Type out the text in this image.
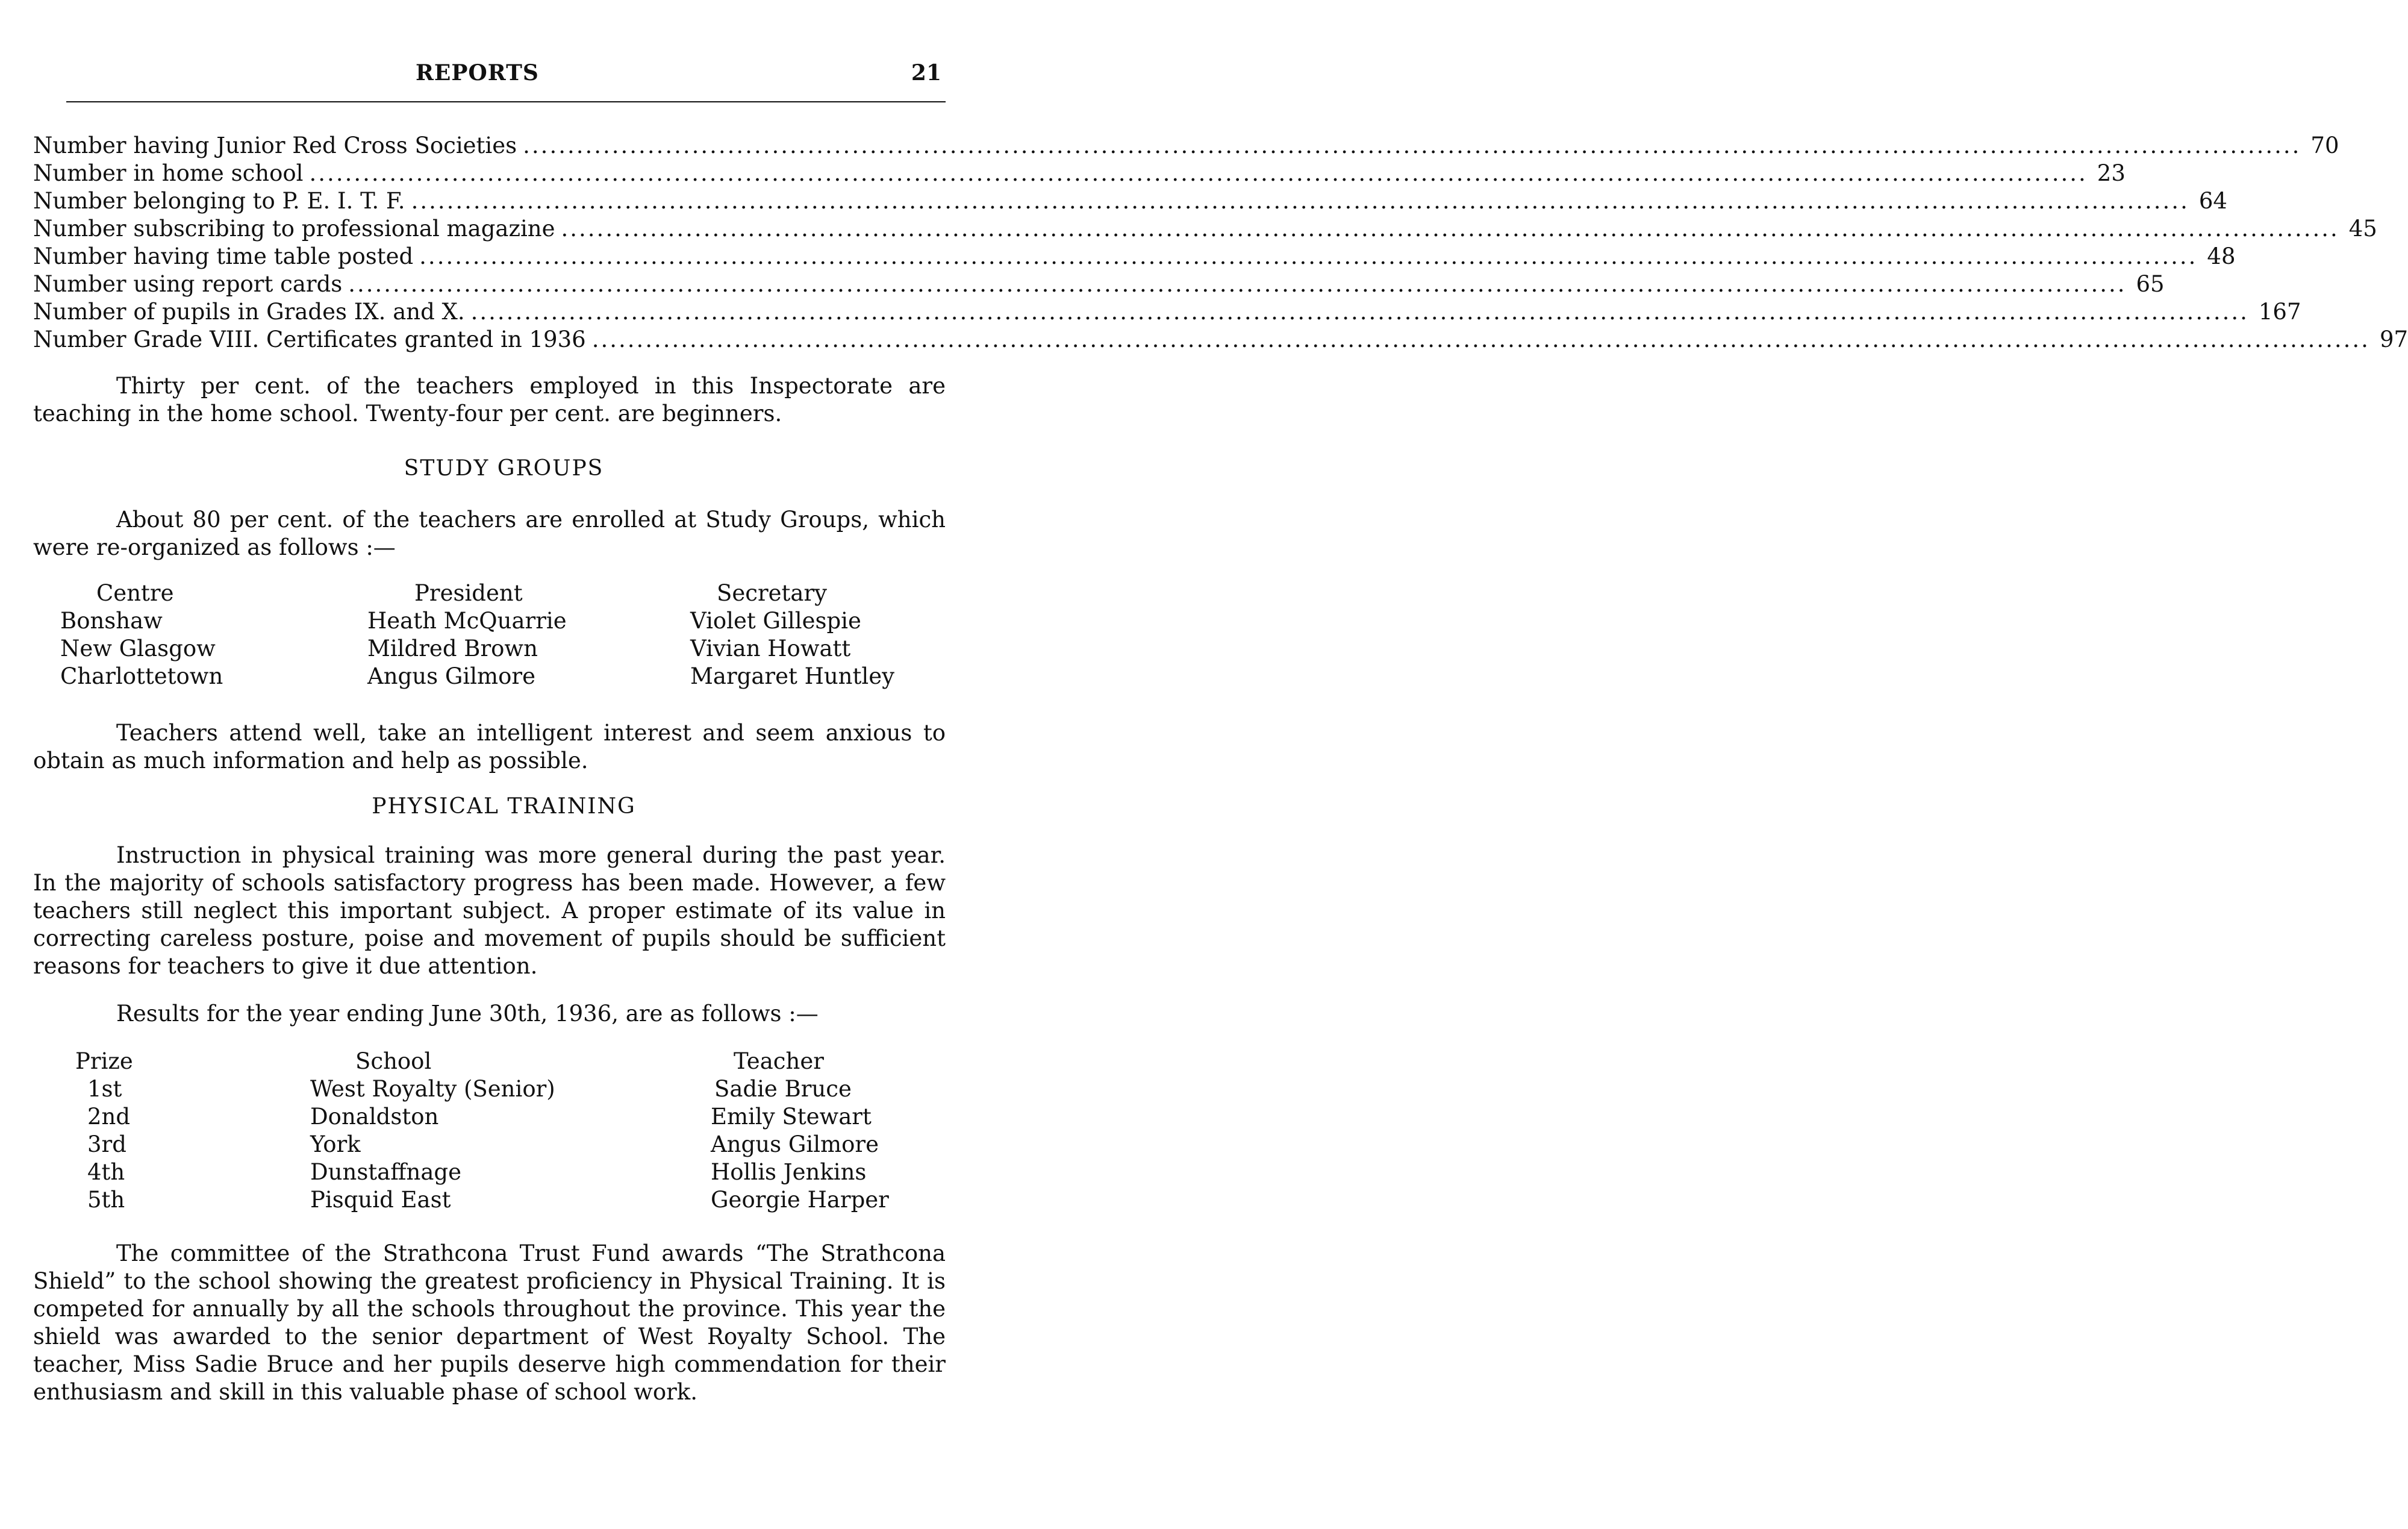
REPORTS	21
Number having Junior Red Cross Societies ........................................................................................................................................................................................................ 70
Number in home school ........................................................................................................................................................................................................ 23
Number belonging to P. E. I. T. F. ........................................................................................................................................................................................................ 64
Number subscribing to professional magazine ........................................................................................................................................................................................................ 45
Number having time table posted ........................................................................................................................................................................................................ 48
Number using report cards ........................................................................................................................................................................................................ 65
Number of pupils in Grades IX. and X. ........................................................................................................................................................................................................ 167
Number Grade VIII. Certificates granted in 1936 ........................................................................................................................................................................................................ 97
Thirty per cent. of the teachers employed in this Inspectorate are teaching in the home school. Twenty-four per cent. are beginners.
STUDY GROUPS
About 80 per cent. of the teachers are enrolled at Study Groups, which were re-organized as follows :—
Centre	President	Secretary
Bonshaw	Heath McQuarrie	Violet Gillespie
New Glasgow	Mildred Brown	Vivian Howatt
Charlottetown	Angus Gilmore	Margaret Huntley
Teachers attend well, take an intelligent interest and seem anxious to obtain as much information and help as possible.
PHYSICAL TRAINING
Instruction in physical training was more general during the past year. In the majority of schools satisfactory progress has been made. However, a few teachers still neglect this important subject. A proper estimate of its value in correcting careless posture, poise and movement of pupils should be sufficient reasons for teachers to give it due attention.
Results for the year ending June 30th, 1936, are as follows :—
Prize	School	Teacher
1st	West Royalty (Senior)	Sadie Bruce
2nd	Donaldston	Emily Stewart
3rd	York	Angus Gilmore
4th	Dunstaffnage	Hollis Jenkins
5th	Pisquid East	Georgie Harper
The committee of the Strathcona Trust Fund awards “The Strathcona Shield” to the school showing the greatest proficiency in Physical Training. It is competed for annually by all the schools throughout the province. This year the shield was awarded to the senior department of West Royalty School. The teacher, Miss Sadie Bruce and her pupils deserve high commendation for their enthusiasm and skill in this valuable phase of school work.
